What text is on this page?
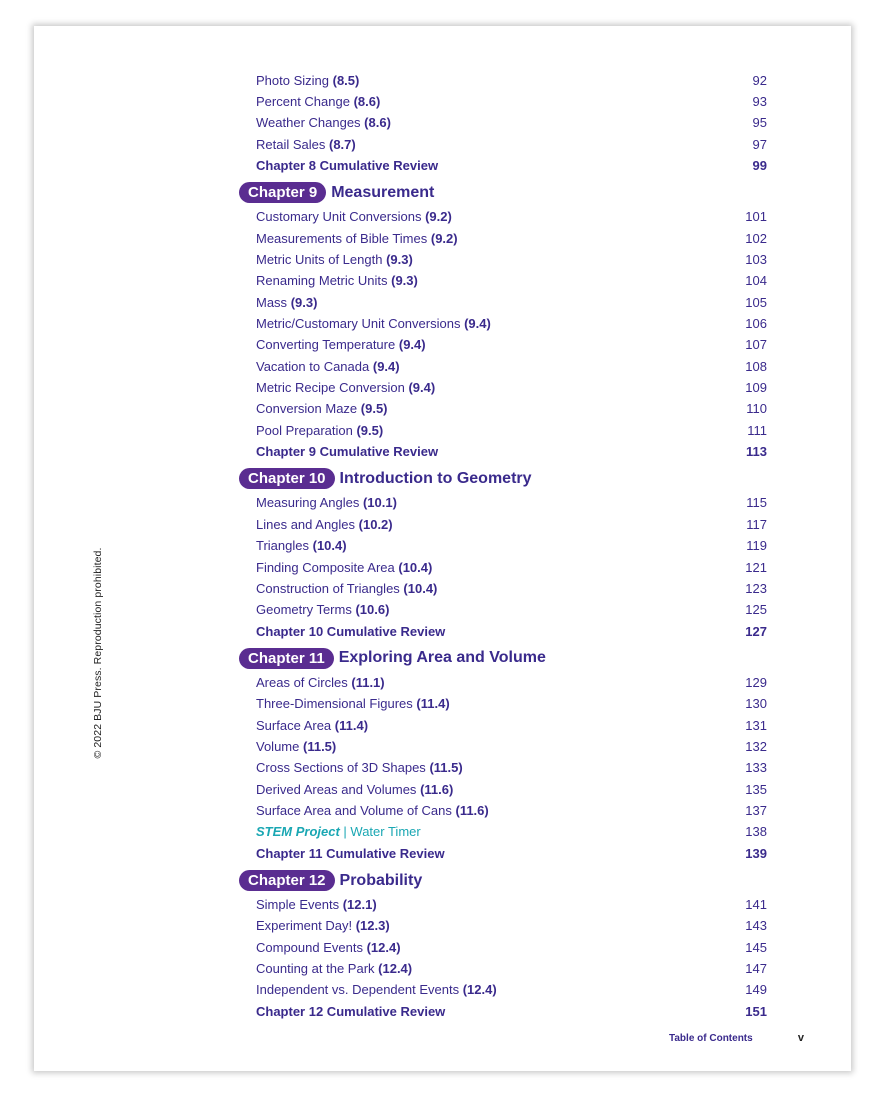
© 2022 BJU Press. Reproduction prohibited.
Photo Sizing (8.5)	92
Percent Change (8.6)	93
Weather Changes (8.6)	95
Retail Sales (8.7)	97
Chapter 8 Cumulative Review	99
Chapter 9 Measurement
Customary Unit Conversions (9.2)	101
Measurements of Bible Times (9.2)	102
Metric Units of Length (9.3)	103
Renaming Metric Units (9.3)	104
Mass (9.3)	105
Metric/Customary Unit Conversions (9.4)	106
Converting Temperature (9.4)	107
Vacation to Canada (9.4)	108
Metric Recipe Conversion (9.4)	109
Conversion Maze (9.5)	110
Pool Preparation (9.5)	111
Chapter 9 Cumulative Review	113
Chapter 10 Introduction to Geometry
Measuring Angles (10.1)	115
Lines and Angles (10.2)	117
Triangles (10.4)	119
Finding Composite Area (10.4)	121
Construction of Triangles (10.4)	123
Geometry Terms (10.6)	125
Chapter 10 Cumulative Review	127
Chapter 11 Exploring Area and Volume
Areas of Circles (11.1)	129
Three-Dimensional Figures (11.4)	130
Surface Area (11.4)	131
Volume (11.5)	132
Cross Sections of 3D Shapes (11.5)	133
Derived Areas and Volumes (11.6)	135
Surface Area and Volume of Cans (11.6)	137
STEM Project | Water Timer	138
Chapter 11 Cumulative Review	139
Chapter 12 Probability
Simple Events (12.1)	141
Experiment Day! (12.3)	143
Compound Events (12.4)	145
Counting at the Park (12.4)	147
Independent vs. Dependent Events (12.4)	149
Chapter 12 Cumulative Review	151
Table of Contents	v
